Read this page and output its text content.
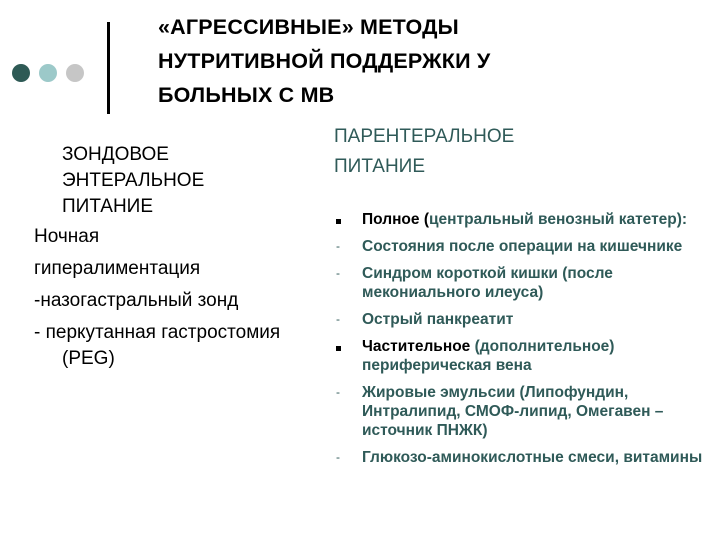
«АГРЕССИВНЫЕ» МЕТОДЫ
НУТРИТИВНОЙ ПОДДЕРЖКИ У
БОЛЬНЫХ С МВ
ЗОНДОВОЕ
ЭНТЕРАЛЬНОЕ
ПИТАНИЕ
Ночная
гипералиментация
-назогастральный зонд
- перкутанная гастростомия (PEG)
ПАРЕНТЕРАЛЬНОЕ
ПИТАНИЕ
Полное (центральный венозный катетер):
-	Состояния после операции на кишечнике
-	Синдром короткой кишки (после мекониального илеуса)
-	Острый панкреатит
Частительное (дополнительное) периферическая вена
-	Жировые эмульсии (Липофундин, Интралипид, СМОФ-липид, Омегавен – источник ПНЖК)
-	Глюкозо-аминокислотные смеси, витамины
